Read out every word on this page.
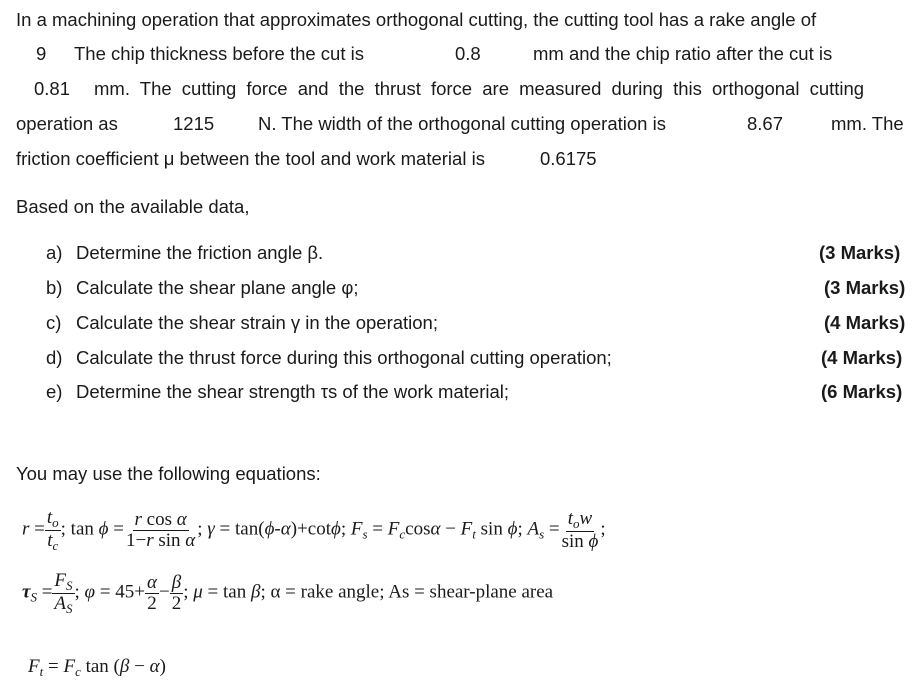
In a machining operation that approximates orthogonal cutting, the cutting tool has a rake angle of
9 The chip thickness before the cut is	0.8	mm and the chip ratio after the cut is
0.81 mm. The cutting force and the thrust force are measured during this orthogonal cutting
operation as	1215 N. The width of the orthogonal cutting operation is	8.67	mm. The
friction coefficient μ between the tool and work material is	0.6175
Based on the available data,
a) Determine the friction angle β.	(3 Marks)
b) Calculate the shear plane angle φ;	(3 Marks)
c) Calculate the shear strain γ in the operation;	(4 Marks)
d) Calculate the thrust force during this orthogonal cutting operation;	(4 Marks)
e) Determine the shear strength τs of the work material;	(6 Marks)
You may use the following equations:
$r = \frac{t_o}{t_c}$ ; $\tan \phi = \frac{\text{r cos α}}{\text{1−r sin α}}$ ; γ = tan(ϕ-α)+cotϕ; $F_s = F_c\cos\alpha - F_t$ sin ϕ; $A_s = \frac{t_ow}{\text{sin ϕ}}$ ;
$\tau_S = \frac{F_S}{A_S}$ ; $\varphi = 45+ \frac{\alpha}{2} - \frac{\beta}{2}$ ; μ = tan β; α = rake angle; As = shear-plane area
$F_t = F_c$ tan (β − α)
